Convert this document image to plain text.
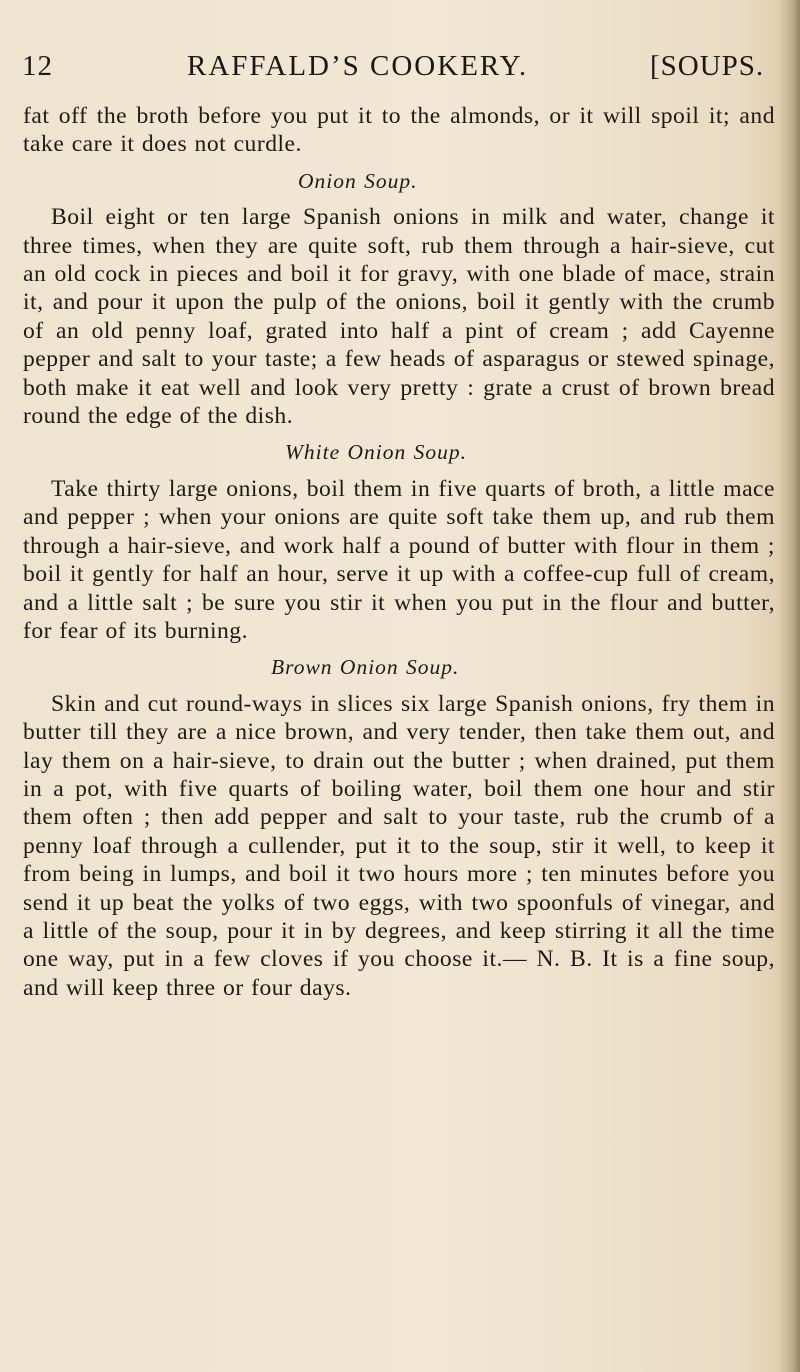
12	RAFFALD’S COOKERY.	[SOUPS.

fat off the broth before you put it to the almonds, or it will spoil it; and take care it does not curdle.

Onion Soup.

Boil eight or ten large Spanish onions in milk and water, change it three times, when they are quite soft, rub them through a hair-sieve, cut an old cock in pieces and boil it for gravy, with one blade of mace, strain it, and pour it upon the pulp of the onions, boil it gently with the crumb of an old penny loaf, grated into half a pint of cream ; add Cayenne pepper and salt to your taste; a few heads of asparagus or stewed spinage, both make it eat well and look very pretty : grate a crust of brown bread round the edge of the dish.

White Onion Soup.

Take thirty large onions, boil them in five quarts of broth, a little mace and pepper ; when your onions are quite soft take them up, and rub them through a hair-sieve, and work half a pound of butter with flour in them ; boil it gently for half an hour, serve it up with a coffee-cup full of cream, and a little salt ; be sure you stir it when you put in the flour and butter, for fear of its burning.

Brown Onion Soup.

Skin and cut round-ways in slices six large Spanish onions, fry them in butter till they are a nice brown, and very tender, then take them out, and lay them on a hair-sieve, to drain out the butter ; when drained, put them in a pot, with five quarts of boiling water, boil them one hour and stir them often ; then add pepper and salt to your taste, rub the crumb of a penny loaf through a cullender, put it to the soup, stir it well, to keep it from being in lumps, and boil it two hours more ; ten minutes before you send it up beat the yolks of two eggs, with two spoonfuls of vinegar, and a little of the soup, pour it in by degrees, and keep stirring it all the time one way, put in a few cloves if you choose it.— N. B. It is a fine soup, and will keep three or four days.
